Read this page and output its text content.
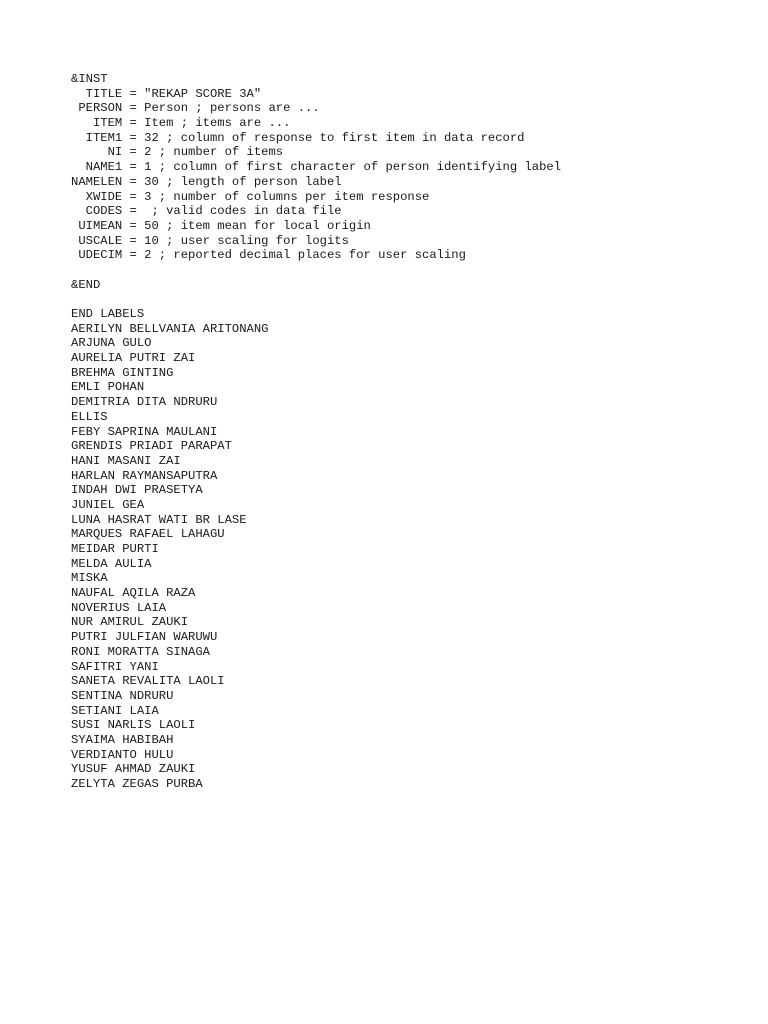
&INST
TITLE = "REKAP SCORE 3A"
PERSON = Person ; persons are ...
ITEM = Item ; items are ...
ITEM1 = 32 ; column of response to first item in data record
NI = 2 ; number of items
NAME1 = 1 ; column of first character of person identifying label
NAMELEN = 30 ; length of person label
XWIDE = 3 ; number of columns per item response
CODES =  ; valid codes in data file
UIMEAN = 50 ; item mean for local origin
USCALE = 10 ; user scaling for logits
UDECIM = 2 ; reported decimal places for user scaling
&END
END LABELS
AERILYN BELLVANIA ARITONANG
ARJUNA GULO
AURELIA PUTRI ZAI
BREHMA GINTING
EMLI POHAN
DEMITRIA DITA NDRURU
ELLIS
FEBY SAPRINA MAULANI
GRENDIS PRIADI PARAPAT
HANI MASANI ZAI
HARLAN RAYMANSAPUTRA
INDAH DWI PRASETYA
JUNIEL GEA
LUNA HASRAT WATI BR LASE
MARQUES RAFAEL LAHAGU
MEIDAR PURTI
MELDA AULIA
MISKA
NAUFAL AQILA RAZA
NOVERIUS LAIA
NUR AMIRUL ZAUKI
PUTRI JULFIAN WARUWU
RONI MORATTA SINAGA
SAFITRI YANI
SANETA REVALITA LAOLI
SENTINA NDRURU
SETIANI LAIA
SUSI NARLIS LAOLI
SYAIMA HABIBAH
VERDIANTO HULU
YUSUF AHMAD ZAUKI
ZELYTA ZEGAS PURBA
